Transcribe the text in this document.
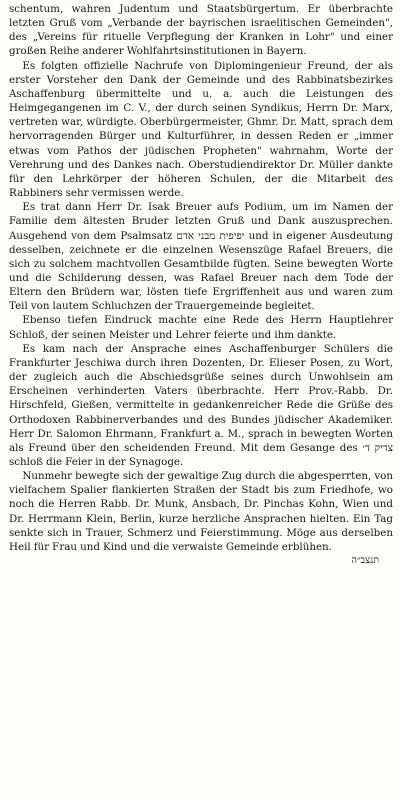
schentum, wahren Judentum und Staatsbürgertum. Er überbrachte letzten Gruß vom „Verbande der bayrischen israelitischen Gemeinden", des „Vereins für rituelle Verpflegung der Kranken in Lohr" und einer großen Reihe anderer Wohlfahrtsinstitutionen in Bayern.

Es folgten offizielle Nachrufe von Diplomingenieur Freund, der als erster Vorsteher den Dank der Gemeinde und des Rabbinatsbezirkes Aschaffenburg übermittelte und u. a. auch die Leistungen des Heimgegangenen im C. V., der durch seinen Syndikus, Herrn Dr. Marx, vertreten war, würdigte. Oberbürgermeister, Ghmr. Dr. Matt, sprach dem hervorragenden Bürger und Kulturführer, in dessen Reden er „immer etwas vom Pathos der jüdischen Propheten" wahrnahm, Worte der Verehrung und des Dankes nach. Oberstudiendirektor Dr. Müller dankte für den Lehrkörper der höheren Schulen, der die Mitarbeit des Rabbiners sehr vermissen werde.

Es trat dann Herr Dr. Isak Breuer aufs Podium, um im Namen der Familie dem ältesten Bruder letzten Gruß und Dank auszusprechen. Ausgehend von dem Psalmsatz יפיפית מבני אדם und in eigener Ausdeutung desselben, zeichnete er die einzelnen Wesenszüge Rafael Breuers, die sich zu solchem machtvollen Gesamtbilde fügten. Seine bewegten Worte und die Schilderung dessen, was Rafael Breuer nach dem Tode der Eltern den Brüdern war, lösten tiefe Ergriffenheit aus und waren zum Teil von lautem Schluchzen der Trauergemeinde begleitet.

Ebenso tiefen Eindruck machte eine Rede des Herrn Hauptlehrer Schloß, der seinen Meister und Lehrer feierte und ihm dankte.

Es kam nach der Ansprache eines Aschaffenburger Schülers die Frankfurter Jeschiwa durch ihren Dozenten, Dr. Elieser Posen, zu Wort, der zugleich auch die Abschiedsgrüße seines durch Unwohlsein am Erscheinen verhinderten Vaters überbrachte. Herr Prov.-Rabb. Dr. Hirschfeld, Gießen, vermittelte in gedankenreicher Rede die Grüße des Orthodoxen Rabbinerverbandes und des Bundes jüdischer Akademiker. Herr Dr. Salomon Ehrmann, Frankfurt a. M., sprach in bewegten Worten als Freund über den scheidenden Freund. Mit dem Gesange des צדיק ד׳ schloß die Feier in der Synagoge.

Nunmehr bewegte sich der gewaltige Zug durch die abgesperrten, von vielfachem Spalier flankierten Straßen der Stadt bis zum Friedhofe, wo noch die Herren Rabb. Dr. Munk, Ansbach, Dr. Pinchas Kohn, Wien und Dr. Herrmann Klein, Berlin, kurze herzliche Ansprachen hielten. Ein Tag senkte sich in Trauer, Schmerz und Feierstimmung. Möge aus derselben Heil für Frau und Kind und die verwaiste Gemeinde erblühen.

תנצב״ה
